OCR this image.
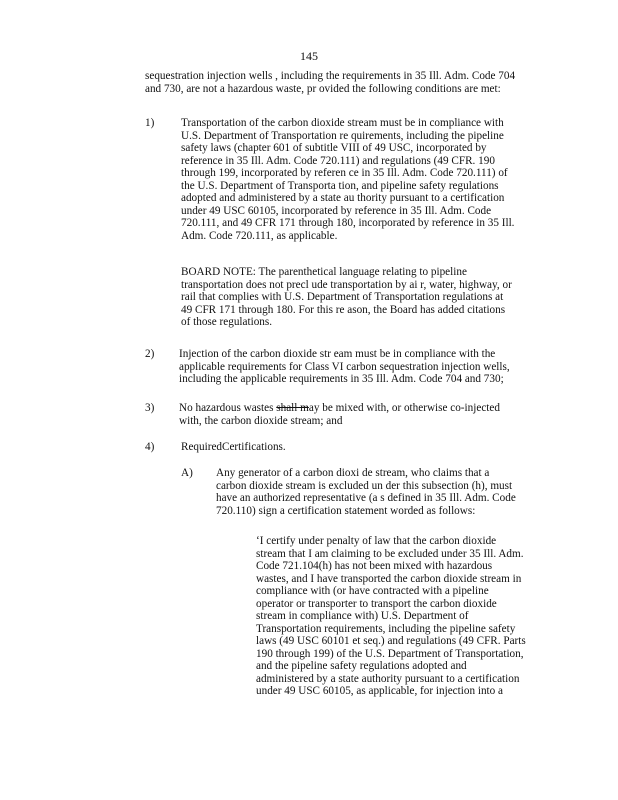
145
sequestration injection wells , including the requirements in 35 Ill. Adm. Code 704
and 730, are not a hazardous waste, pr ovided the following conditions are met:
1) Transportation of the carbon dioxide stream must be in compliance with
U.S. Department of Transportation re quirements, including the pipeline
safety laws (chapter 601 of subtitle VIII of 49 USC, incorporated by
reference in 35 Ill. Adm. Code 720.111) and regulations (49 CFR. 190
through 199, incorporated by referen ce in 35 Ill. Adm. Code 720.111) of
the U.S. Department of Transporta tion, and pipeline safety regulations
adopted and administered by a state au thority pursuant to a certification
under 49 USC 60105, incorporated by reference in 35 Ill. Adm. Code
720.111, and 49 CFR 171 through 180, incorporated by reference in 35 Ill.
Adm. Code 720.111, as applicable.
BOARD NOTE: The parenthetical language relating to pipeline
transportation does not precl ude transportation by ai r, water, highway, or
rail that complies with U.S. Department of Transportation regulations at
49 CFR 171 through 180. For this re ason, the Board has added citations
of those regulations.
2) Injection of the carbon dioxide str eam must be in compliance with the
applicable requirements for Class VI carbon sequestration injection wells,
including the applicable requirements in 35 Ill. Adm. Code 704 and 730;
3) No hazardous wastes shall may be mixed with, or otherwise co-injected
with, the carbon dioxide stream; and
4) RequiredCertifications.
A) Any generator of a carbon dioxi de stream, who claims that a
carbon dioxide stream is excluded un der this subsection (h), must
have an authorized representative (a s defined in 35 Ill. Adm. Code
720.110) sign a certification statement worded as follows:
‘I certify under penalty of law that the carbon dioxide
stream that I am claiming to be excluded under 35 Ill. Adm.
Code 721.104(h) has not been mixed with hazardous
wastes, and I have transported the carbon dioxide stream in
compliance with (or have contracted with a pipeline
operator or transporter to transport the carbon dioxide
stream in compliance with) U.S. Department of
Transportation requirements, including the pipeline safety
laws (49 USC 60101 et seq.) and regulations (49 CFR. Parts
190 through 199) of the U.S. Department of Transportation,
and the pipeline safety regulations adopted and
administered by a state authority pursuant to a certification
under 49 USC 60105, as applicable, for injection into a
